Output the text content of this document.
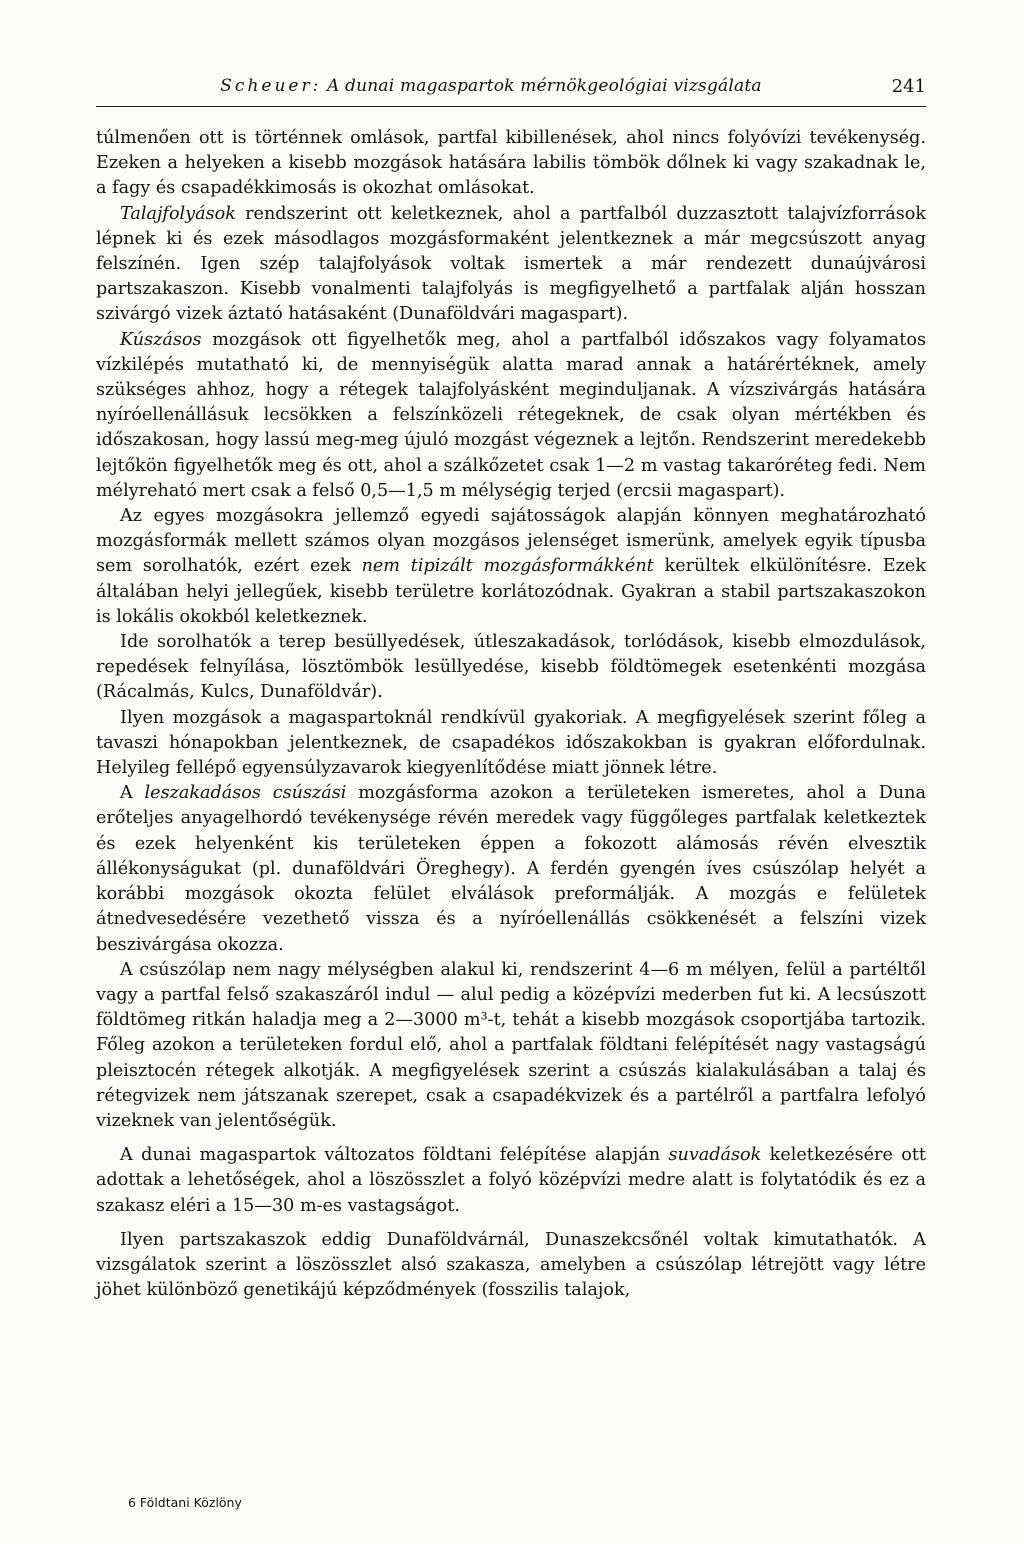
Scheuer: A dunai magaspartok mérnökgeológiai vizsgálata	241

túlmenően ott is történnek omlások, partfal kibillenések, ahol nincs folyóvízi tevékenység. Ezeken a helyeken a kisebb mozgások hatására labilis tömbök dőlnek ki vagy szakadnak le, a fagy és csapadékkimosás is okozhat omlásokat.

Talajfolyások rendszerint ott keletkeznek, ahol a partfalból duzzasztott talajvízforrások lépnek ki és ezek másodlagos mozgásformaként jelentkeznek a már megcsúszott anyag felszínén. Igen szép talajfolyások voltak ismertek a már rendezett dunaújvárosi partszakaszon. Kisebb vonalmenti talajfolyás is megfigyelhető a partfalak alján hosszan szivárgó vizek áztató hatásaként (Dunaföldvári magaspart).

Kúszásos mozgások ott figyelhetők meg, ahol a partfalból időszakos vagy folyamatos vízkilépés mutatható ki, de mennyiségük alatta marad annak a határértéknek, amely szükséges ahhoz, hogy a rétegek talajfolyásként meginduljanak. A vízszivárgás hatására nyíróellenállásuk lecsökken a felszínközeli rétegeknek, de csak olyan mértékben és időszakosan, hogy lassú meg-meg újuló mozgást végeznek a lejtőn. Rendszerint meredekebb lejtőkön figyelhetők meg és ott, ahol a szálkőzetet csak 1—2 m vastag takaróréteg fedi. Nem mélyreható mert csak a felső 0,5—1,5 m mélységig terjed (ercsii magaspart).

Az egyes mozgásokra jellemző egyedi sajátosságok alapján könnyen meghatározható mozgásformák mellett számos olyan mozgásos jelenséget ismerünk, amelyek egyik típusba sem sorolhatók, ezért ezek nem tipizált mozgásformákként kerültek elkülönítésre. Ezek általában helyi jellegűek, kisebb területre korlátozódnak. Gyakran a stabil partszakaszokon is lokális okokból keletkeznek.

Ide sorolhatók a terep besüllyedések, útleszakadások, torlódások, kisebb elmozdulások, repedések felnyílása, lösztömbök lesüllyedése, kisebb földtömegek esetenkénti mozgása (Rácalmás, Kulcs, Dunaföldvár).

Ilyen mozgások a magaspartoknál rendkívül gyakoriak. A megfigyelések szerint főleg a tavaszi hónapokban jelentkeznek, de csapadékos időszakokban is gyakran előfordulnak. Helyileg fellépő egyensúlyzavarok kiegyenlítődése miatt jönnek létre.

A leszakadásos csúszási mozgásforma azokon a területeken ismeretes, ahol a Duna erőteljes anyagelhordó tevékenysége révén meredek vagy függőleges partfalak keletkeztek és ezek helyenként kis területeken éppen a fokozott alámosás révén elvesztik állékonyságukat (pl. dunaföldvári Öreghegy). A ferdén gyengén íves csúszólap helyét a korábbi mozgások okozta felület elválások preformálják. A mozgás e felületek átnedvesedésére vezethető vissza és a nyíróellenállás csökkenését a felszíni vizek beszivárgása okozza.

A csúszólap nem nagy mélységben alakul ki, rendszerint 4—6 m mélyen, felül a partéltől vagy a partfal felső szakaszáról indul — alul pedig a középvízi mederben fut ki. A lecsúszott földtömeg ritkán haladja meg a 2—3000 m³-t, tehát a kisebb mozgások csoportjába tartozik. Főleg azokon a területeken fordul elő, ahol a partfalak földtani felépítését nagy vastagságú pleisztocén rétegek alkotják. A megfigyelések szerint a csúszás kialakulásában a talaj és rétegvizek nem játszanak szerepet, csak a csapadékvizek és a partélről a partfalra lefolyó vizeknek van jelentőségük.

A dunai magaspartok változatos földtani felépítése alapján suvadások keletkezésére ott adottak a lehetőségek, ahol a löszösszlet a folyó középvízi medre alatt is folytatódik és ez a szakasz eléri a 15—30 m-es vastagságot.

Ilyen partszakaszok eddig Dunaföldvárnál, Dunaszekcsőnél voltak kimutathatók. A vizsgálatok szerint a löszösszlet alsó szakasza, amelyben a csúszólap létrejött vagy létre jöhet különböző genetikájú képződmények (fosszilis talajok,

6 Földtani Közlöny
